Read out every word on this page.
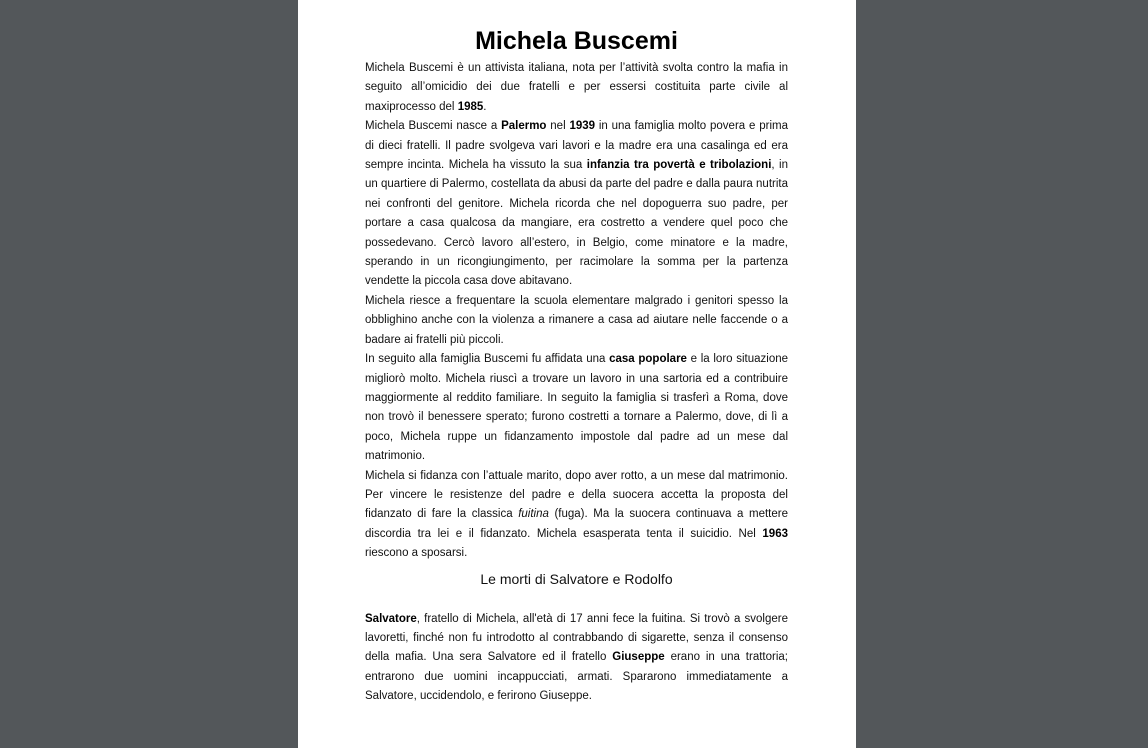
Michela Buscemi

Michela Buscemi è un attivista italiana, nota per l’attività svolta contro la mafia in seguito all’omicidio dei due fratelli e per essersi costituita parte civile al maxiprocesso del 1985.

Michela Buscemi nasce a Palermo nel 1939 in una famiglia molto povera e prima di dieci fratelli. Il padre svolgeva vari lavori e la madre era una casalinga ed era sempre incinta. Michela ha vissuto la sua infanzia tra povertà e tribolazioni, in un quartiere di Palermo, costellata da abusi da parte del padre e dalla paura nutrita nei confronti del genitore. Michela ricorda che nel dopoguerra suo padre, per portare a casa qualcosa da mangiare, era costretto a vendere quel poco che possedevano. Cercò lavoro all’estero, in Belgio, come minatore e la madre, sperando in un ricongiungimento, per racimolare la somma per la partenza vendette la piccola casa dove abitavano.

Michela riesce a frequentare la scuola elementare malgrado i genitori spesso la obblighino anche con la violenza a rimanere a casa ad aiutare nelle faccende o a badare ai fratelli più piccoli.

In seguito alla famiglia Buscemi fu affidata una casa popolare e la loro situazione migliorò molto. Michela riuscì a trovare un lavoro in una sartoria ed a contribuire maggiormente al reddito familiare. In seguito la famiglia si trasferì a Roma, dove non trovò il benessere sperato; furono costretti a tornare a Palermo, dove, di lì a poco, Michela ruppe un fidanzamento impostole dal padre ad un mese dal matrimonio.

Michela si fidanza con l’attuale marito, dopo aver rotto, a un mese dal matrimonio. Per vincere le resistenze del padre e della suocera accetta la proposta del fidanzato di fare la classica fuitina (fuga). Ma la suocera continuava a mettere discordia tra lei e il fidanzato. Michela esasperata tenta il suicidio. Nel 1963 riescono a sposarsi.

Le morti di Salvatore e Rodolfo

Salvatore, fratello di Michela, all'età di 17 anni fece la fuitina. Si trovò a svolgere lavoretti, finché non fu introdotto al contrabbando di sigarette, senza il consenso della mafia. Una sera Salvatore ed il fratello Giuseppe erano in una trattoria; entrarono due uomini incappucciati, armati. Spararono immediatamente a Salvatore, uccidendolo, e ferirono Giuseppe.
